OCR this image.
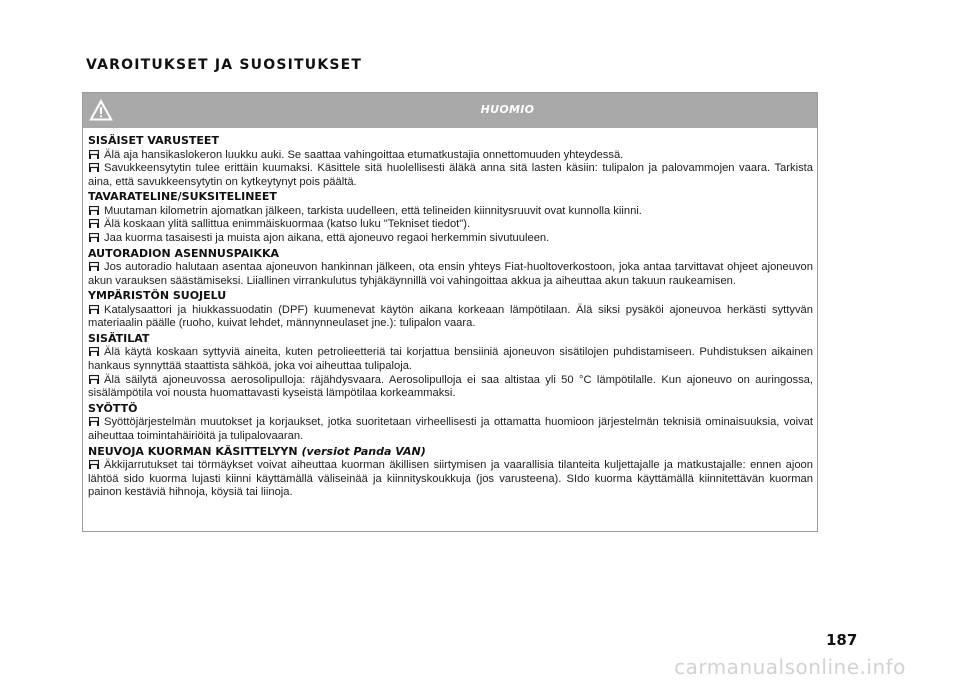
VAROITUKSET JA SUOSITUKSET
HUOMIO
SISÄISET VARUSTEET
Älä aja hansikaslokeron luukku auki. Se saattaa vahingoittaa etumatkustajia onnettomuuden yhteydessä.
Savukkeensytytin tulee erittäin kuumaksi. Käsittele sitä huolellisesti äläkä anna sitä lasten käsiin: tulipalon ja palovammojen vaara. Tarkista aina, että savukkeensytytin on kytkeytynyt pois päältä.
TAVARATELINE/SUKSITELINEET
Muutaman kilometrin ajomatkan jälkeen, tarkista uudelleen, että telineiden kiinnitysruuvit ovat kunnolla kiinni.
Älä koskaan ylitä sallittua enimmäiskuormaa (katso luku "Tekniset tiedot").
Jaa kuorma tasaisesti ja muista ajon aikana, että ajoneuvo regaoi herkemmin sivutuuleen.
AUTORADION ASENNUSPAIKKA
Jos autoradio halutaan asentaa ajoneuvon hankinnan jälkeen, ota ensin yhteys Fiat-huoltoverkostoon, joka antaa tarvittavat ohjeet ajoneuvon akun varauksen säästämiseksi. Liiallinen virrankulutus tyhjäkäynnillä voi vahingoittaa akkua ja aiheuttaa akun takuun raukeamisen.
YMPÄRISTÖN SUOJELU
Katalysaattori ja hiukkassuodatin (DPF) kuumenevat käytön aikana korkeaan lämpötilaan. Älä siksi pysäköi ajoneuvoa herkästi syttyvän materiaalin päälle (ruoho, kuivat lehdet, männynneulaset jne.): tulipalon vaara.
SISÄTILAT
Älä käytä koskaan syttyviä aineita, kuten petrolieetteriä tai korjattua bensiiniä ajoneuvon sisätilojen puhdistamiseen. Puhdistuksen aikainen hankaus synnyttää staattista sähköä, joka voi aiheuttaa tulipaloja.
Älä säilytä ajoneuvossa aerosolipulloja: räjähdysvaara. Aerosolipulloja ei saa altistaa yli 50 °C lämpötilalle. Kun ajoneuvo on auringossa, sisälämpötila voi nousta huomattavasti kyseistä lämpötilaa korkeammaksi.
SYÖTTÖ
Syöttöjärjestelmän muutokset ja korjaukset, jotka suoritetaan virheellisesti ja ottamatta huomioon järjestelmän teknisiä ominaisuuksia, voivat aiheuttaa toimintahäiriöitä ja tulipalovaaran.
NEUVOJA KUORMAN KÄSITTELYYN (versiot Panda VAN)
Äkkijarrutukset tai törmäykset voivat aiheuttaa kuorman äkillisen siirtymisen ja vaarallisia tilanteita kuljettajalle ja matkustajalle: ennen ajoon lähtöä sido kuorma lujasti kiinni käyttämällä väliseinää ja kiinnityskoukkuja (jos varusteena). SIdo kuorma käyttämällä kiinnitettävän kuorman painon kestäviä hihnoja, köysiä tai liinoja.
187
carmanualsonline.info
